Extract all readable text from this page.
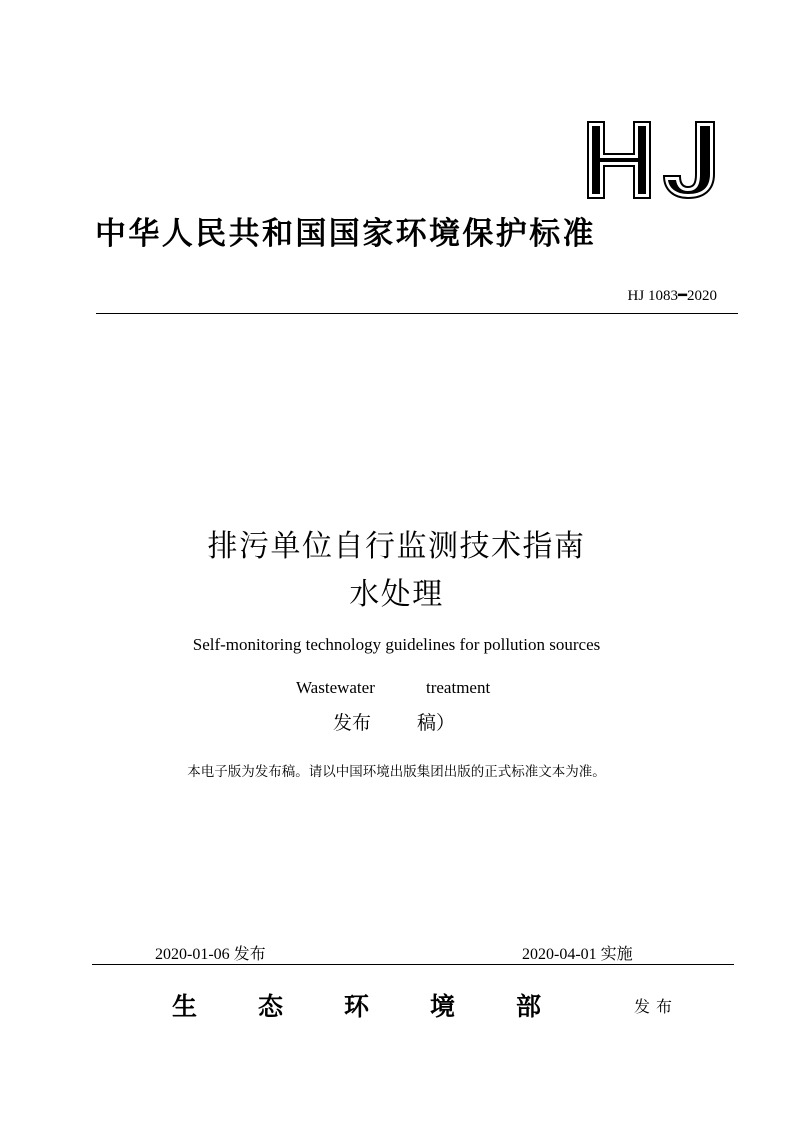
中华人民共和国国家环境保护标准
HJ 1083━2020
排污单位自行监测技术指南
水处理
Self-monitoring technology guidelines for pollution sources
Wastewater	treatment
发布 稿）
本电子版为发布稿。请以中国环境出版集团出版的正式标准文本为准。
2020-01-06 发布	2020-04-01 实施
生态环境部 发布
